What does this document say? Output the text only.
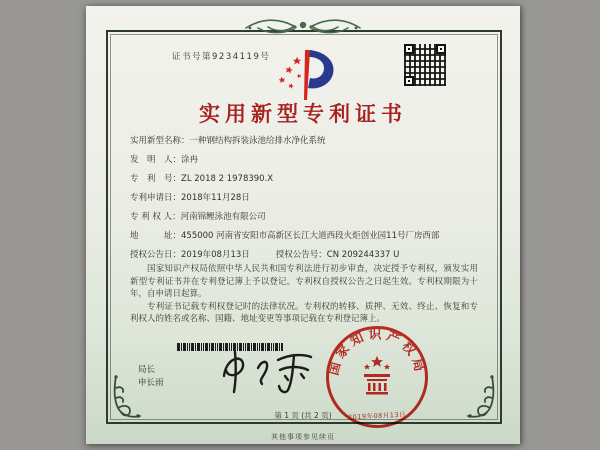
证书号第9234119号
实用新型专利证书
实用新型名称： 一种钢结构拆装泳池给排水净化系统
发　明　人： 涂冉
专　利　号： ZL 2018 2 1978390.X
专利申请日： 2018年11月28日
专 利 权 人： 河南锦鲤泳池有限公司
地　　　址： 455000 河南省安阳市高新区长江大道西段火炬创业园11号厂房西部
授权公告日：2019年08月13日	授权公告号：CN 209244337 U

国家知识产权局依照中华人民共和国专利法进行初步审查，决定授予专利权，颁发实用新型专利证书并在专利登记簿上予以登记。专利权自授权公告之日起生效。专利权期限为十年，自申请日起算。

专利证书记载专利权登记时的法律状况。专利权的转移、质押、无效、终止、恢复和专利权人的姓名或名称、国籍、地址变更等事项记载在专利登记簿上。

局长
申长雨
国家知识产权局
2019年08月13日
第 1 页 (共 2 页)
其他事项参见续页
